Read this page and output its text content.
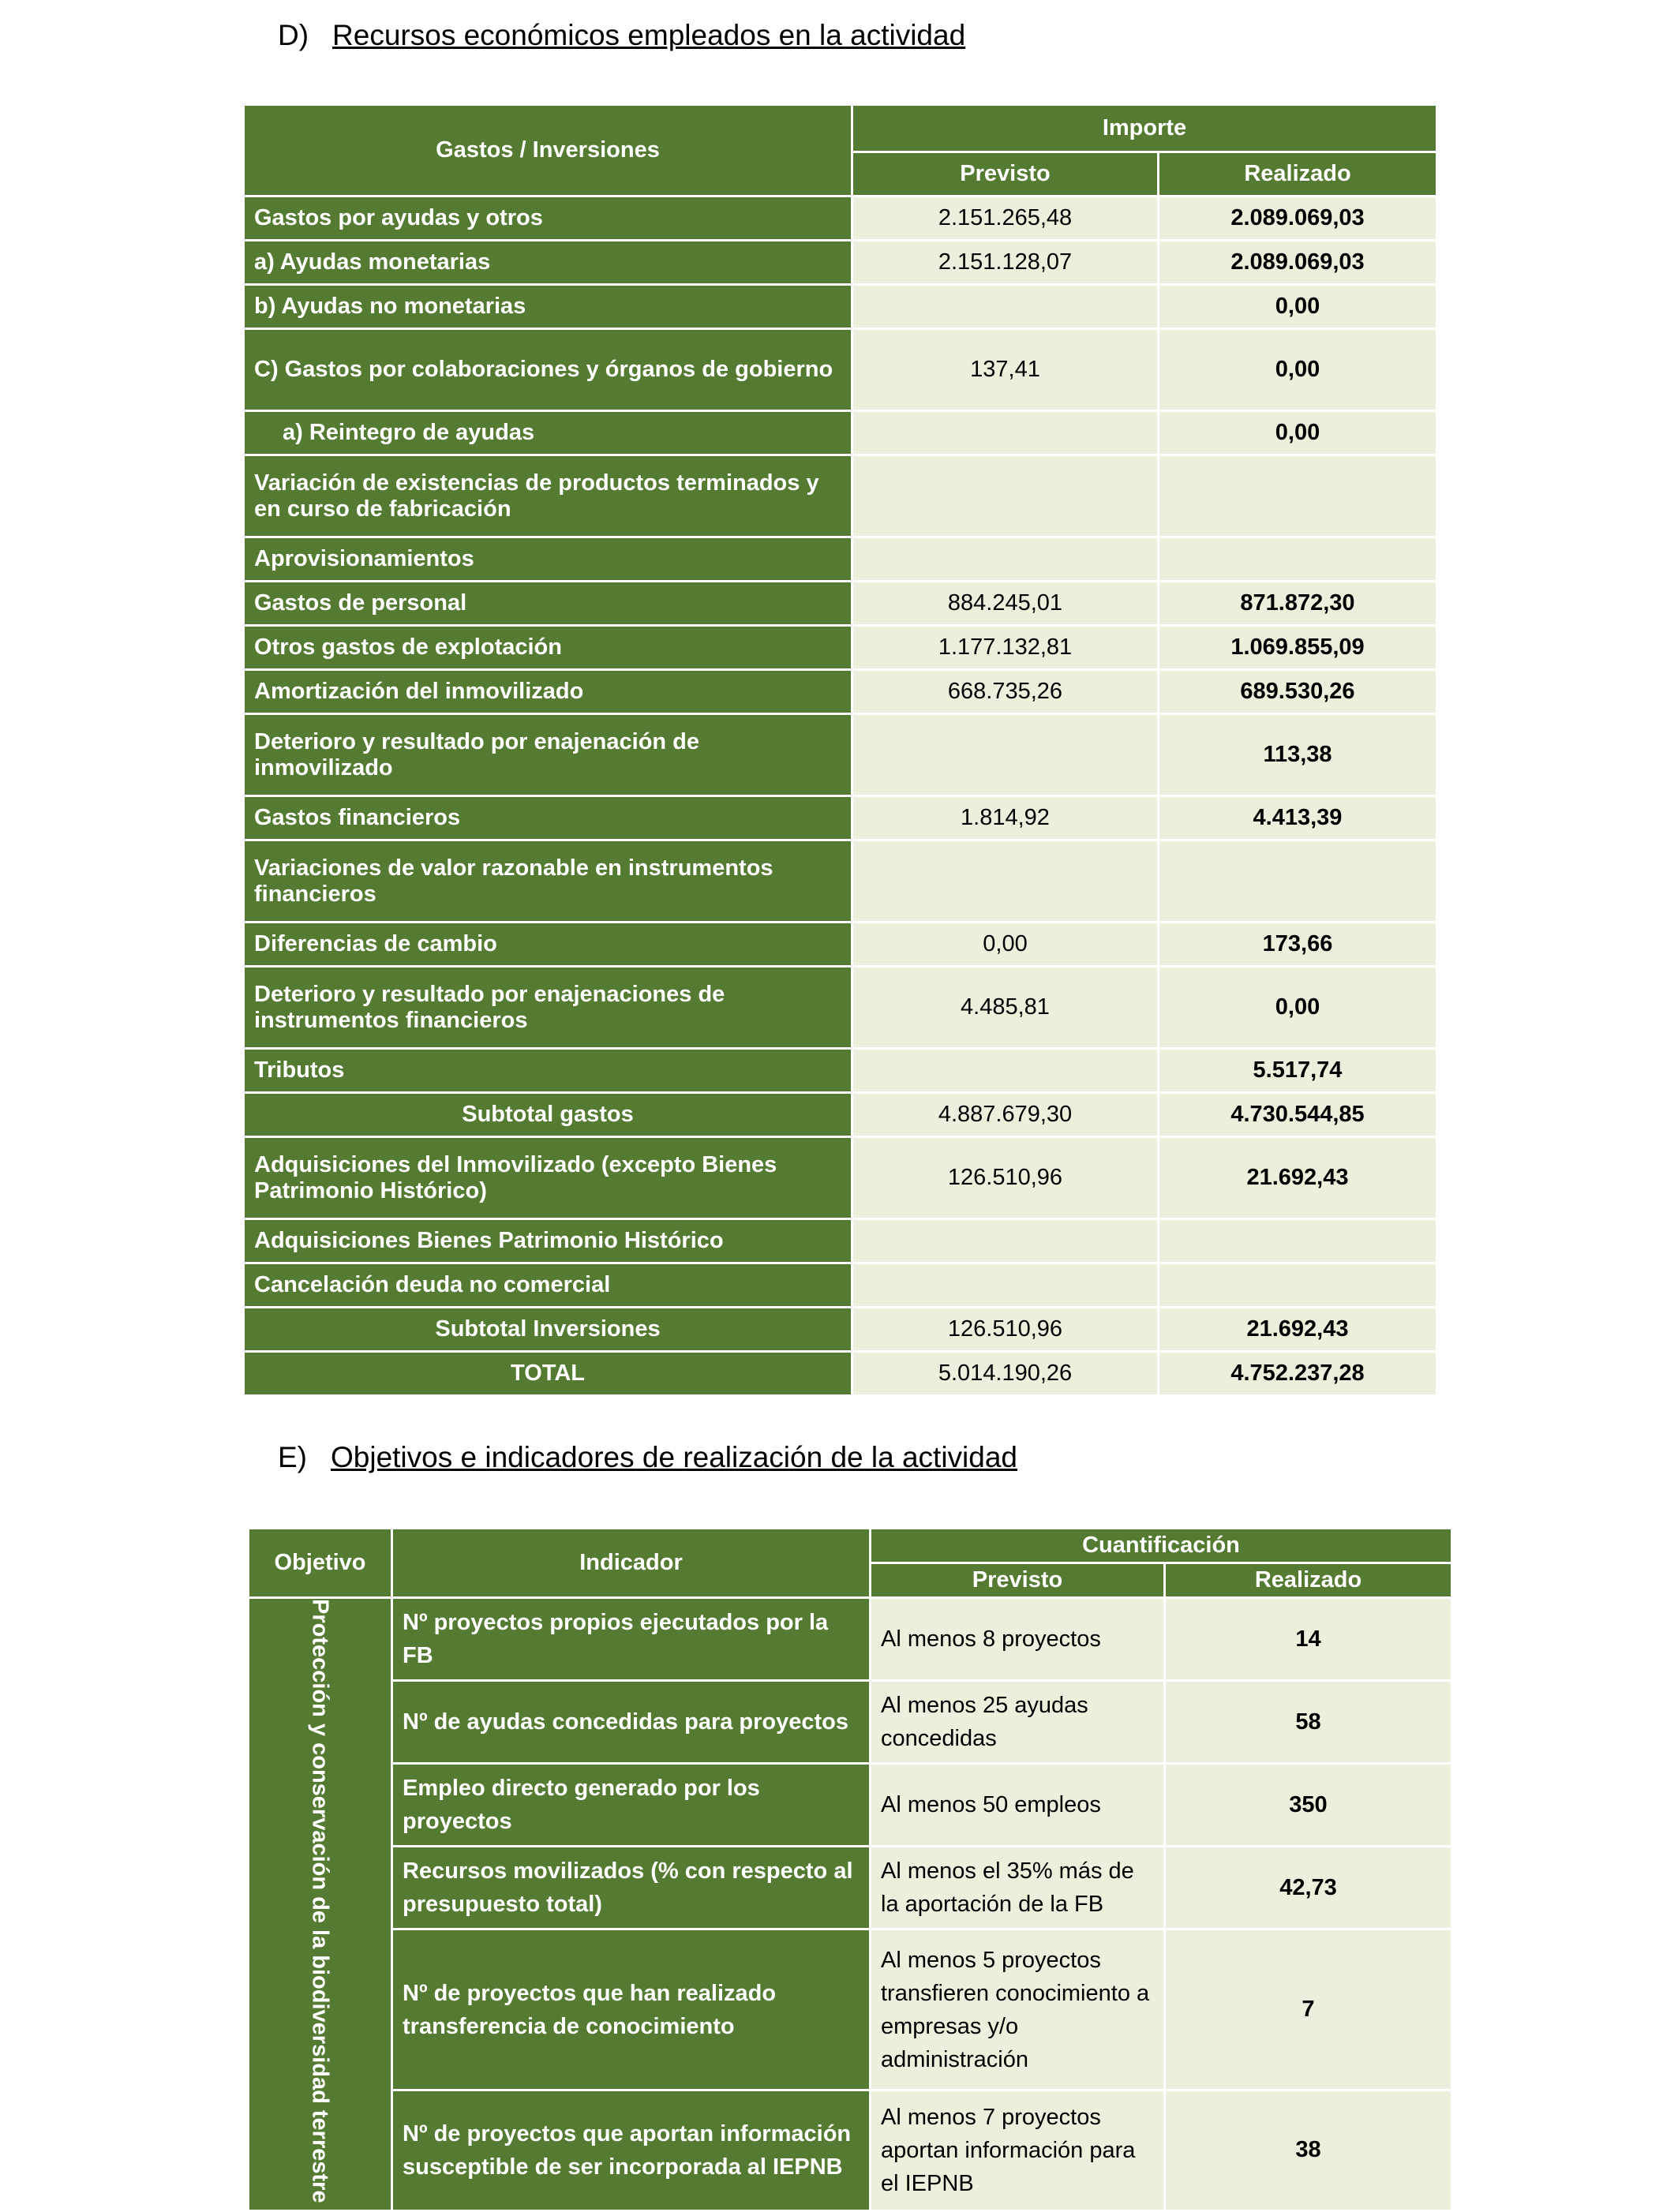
D) Recursos económicos empleados en la actividad
Gastos / Inversiones	Importe	
	Previsto	Realizado
Gastos por ayudas y otros	2.151.265,48	2.089.069,03
a) Ayudas monetarias	2.151.128,07	2.089.069,03
b) Ayudas no monetarias		0,00
C) Gastos por colaboraciones y órganos de gobierno	137,41	0,00
a) Reintegro de ayudas		0,00
Variación de existencias de productos terminados y en curso de fabricación		
Aprovisionamientos		
Gastos de personal	884.245,01	871.872,30
Otros gastos de explotación	1.177.132,81	1.069.855,09
Amortización del inmovilizado	668.735,26	689.530,26
Deterioro y resultado por enajenación de inmovilizado		113,38
Gastos financieros	1.814,92	4.413,39
Variaciones de valor razonable en instrumentos financieros		
Diferencias de cambio	0,00	173,66
Deterioro y resultado por enajenaciones de instrumentos financieros	4.485,81	0,00
Tributos		5.517,74
Subtotal gastos	4.887.679,30	4.730.544,85
Adquisiciones del Inmovilizado (excepto Bienes Patrimonio Histórico)	126.510,96	21.692,43
Adquisiciones Bienes Patrimonio Histórico		
Cancelación deuda no comercial		
Subtotal Inversiones	126.510,96	21.692,43
TOTAL	5.014.190,26	4.752.237,28
E) Objetivos e indicadores de realización de la actividad
Objetivo	Indicador	Cuantificación	
		Previsto	Realizado
Protección y conservación de la biodiversidad terrestre	Nº proyectos propios ejecutados por la FB	Al menos 8 proyectos	14
	Nº de ayudas concedidas para proyectos	Al menos 25 ayudas concedidas	58
	Empleo directo generado por los proyectos	Al menos 50 empleos	350
	Recursos movilizados (% con respecto al presupuesto total)	Al menos el 35% más de la aportación de la FB	42,73
	Nº de proyectos que han realizado transferencia de conocimiento	Al menos 5 proyectos transfieren conocimiento a empresas y/o administración	7
	Nº de proyectos que aportan información susceptible de ser incorporada al IEPNB	Al menos 7 proyectos aportan información para el IEPNB	38
